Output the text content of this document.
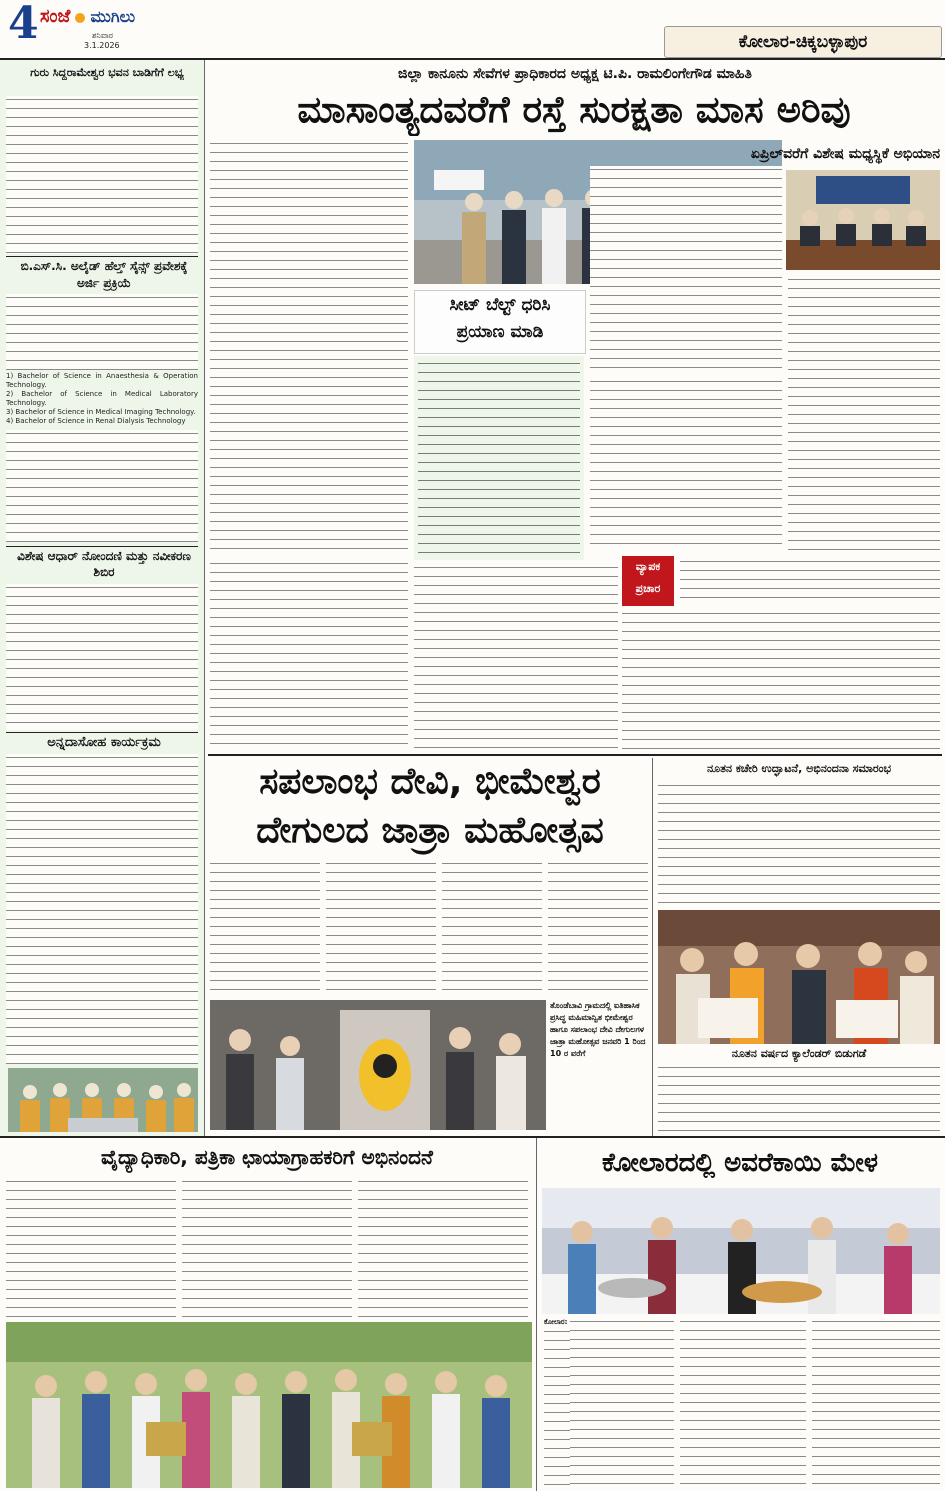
4 ಸಂಜೆ ಮುಗಿಲು
ಶನಿವಾರ
3.1.2026	ಕೋಲಾರ-ಚಿಕ್ಕಬಳ್ಳಾಪುರ
ಗುರು ಸಿದ್ದರಾಮೇಶ್ವರ ಭವನ ಬಾಡಿಗೆಗೆ ಲಭ್ಯ
ಬಿ.ಎಸ್.ಸಿ. ಅಲೈಡ್ ಹೆಲ್ತ್ ಸೈನ್ಸ್ ಪ್ರವೇಶಕ್ಕೆ ಅರ್ಜಿ ಪ್ರಕ್ರಿಯೆ
1) Bachelor of Science in Anaesthesia & Operation Technology.
2) Bachelor of Science in Medical Laboratory Technology.
3) Bachelor of Science in Medical Imaging Technology.
4) Bachelor of Science in Renal Dialysis Technology
ವಿಶೇಷ ಆಧಾರ್ ನೋಂದಣಿ ಮತ್ತು ನವೀಕರಣ ಶಿಬಿರ
ಅನ್ನದಾಸೋಹ ಕಾರ್ಯಕ್ರಮ
ಜಿಲ್ಲಾ ಕಾನೂನು ಸೇವೆಗಳ ಪ್ರಾಧಿಕಾರದ ಅಧ್ಯಕ್ಷ ಟಿ.ಪಿ. ರಾಮಲಿಂಗೇಗೌಡ ಮಾಹಿತಿ
ಮಾಸಾಂತ್ಯದವರೆಗೆ ರಸ್ತೆ ಸುರಕ್ಷತಾ ಮಾಸ ಅರಿವು
ಏಪ್ರಿಲ್‌ವರೆಗೆ ವಿಶೇಷ ಮಧ್ಯಸ್ಥಿಕೆ ಅಭಿಯಾನ
ಸೀಟ್ ಬೆಲ್ಟ್ ಧರಿಸಿ
ಪ್ರಯಾಣ ಮಾಡಿ
ವ್ಯಾಪಕ
ಪ್ರಚಾರ
ಸಪಲಾಂಭ ದೇವಿ, ಭೀಮೇಶ್ವರ
ದೇಗುಲದ ಜಾತ್ರಾ ಮಹೋತ್ಸವ
ತೊಂಡೆಬಾವಿ ಗ್ರಾಮದಲ್ಲಿ ಐತಿಹಾಸಿಕ ಪ್ರಸಿದ್ಧ ಮಹಿಮಾನ್ವಿತ ಭೀಮೇಶ್ವರ ಹಾಗೂ ಸಪಲಾಂಭ ದೇವಿ ದೇಗುಲಗಳ ಜಾತ್ರಾ ಮಹೋತ್ಸವ ಜನವರಿ 1 ರಿಂದ 10 ರ ವರೆಗೆ
ನೂತನ ಕಚೇರಿ ಉದ್ಘಾಟನೆ, ಅಭಿನಂದನಾ ಸಮಾರಂಭ
ನೂತನ ವರ್ಷದ ಕ್ಯಾಲೆಂಡರ್ ಬಿಡುಗಡೆ
ವೈದ್ಯಾಧಿಕಾರಿ, ಪತ್ರಿಕಾ ಛಾಯಾಗ್ರಾಹಕರಿಗೆ ಅಭಿನಂದನೆ	ಕೋಲಾರದಲ್ಲಿ ಅವರೆಕಾಯಿ ಮೇಳ
ಕೋಲಾರ:
